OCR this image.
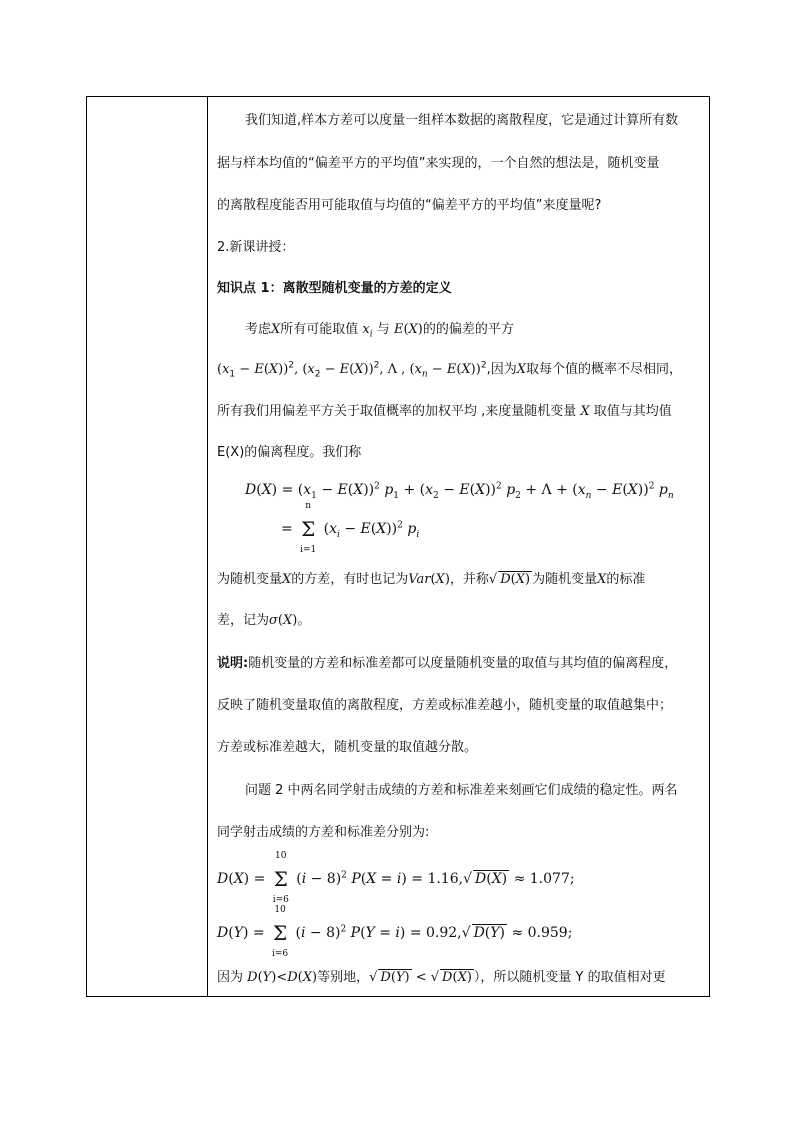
我们知道,样本方差可以度量一组样本数据的离散程度，它是通过计算所有数
据与样本均值的“偏差平方的平均值”来实现的，一个自然的想法是，随机变量
的离散程度能否用可能取值与均值的“偏差平方的平均值”来度量呢?
2.新课讲授：
知识点 1：离散型随机变量的方差的定义
考虑X所有可能取值 $x_i$ 与 E(X)的的偏差的平方
$(x_1 - E(X))^2$, $(x_2 - E(X))^2$, Λ , $(x_n - E(X))^2$,因为X取每个值的概率不尽相同，
所有我们用偏差平方关于取值概率的加权平均 ,来度量随机变量 X 取值与其均值
E(X)的偏离程度。我们称
$D(X) = (x_1 - E(X))^2$ $p_1 + (x_2 - E(X))^2$ $p_2 + \Lambda + (x_n - E(X))^2$ $p_n$
=
n
Σ
i=1
$(x_i - E(X))^2$ $p_i$
为随机变量X的方差，有时也记为Var(X)，并称√ D(X) 为随机变量X的标准
差，记为σ(X)。
说明:随机变量的方差和标准差都可以度量随机变量的取值与其均值的偏离程度，
反映了随机变量取值的离散程度，方差或标准差越小，随机变量的取值越集中；
方差或标准差越大，随机变量的取值越分散。
问题 2 中两名同学射击成绩的方差和标准差来刻画它们成绩的稳定性。两名
同学射击成绩的方差和标准差分别为:
D(X) =
10
Σ
i=6
$(i - 8)^2$ P(X = i) = 1.16,√ D(X) ≈ 1.077;
D(Y) =
10
Σ
i=6
$(i - 8)^2$ P(Y = i) = 0.92,√ D(Y) ≈ 0.959;
因为 D(Y)<D(X)等别地，√ D(Y) < √ D(X) ），所以随机变量 Y 的取值相对更
